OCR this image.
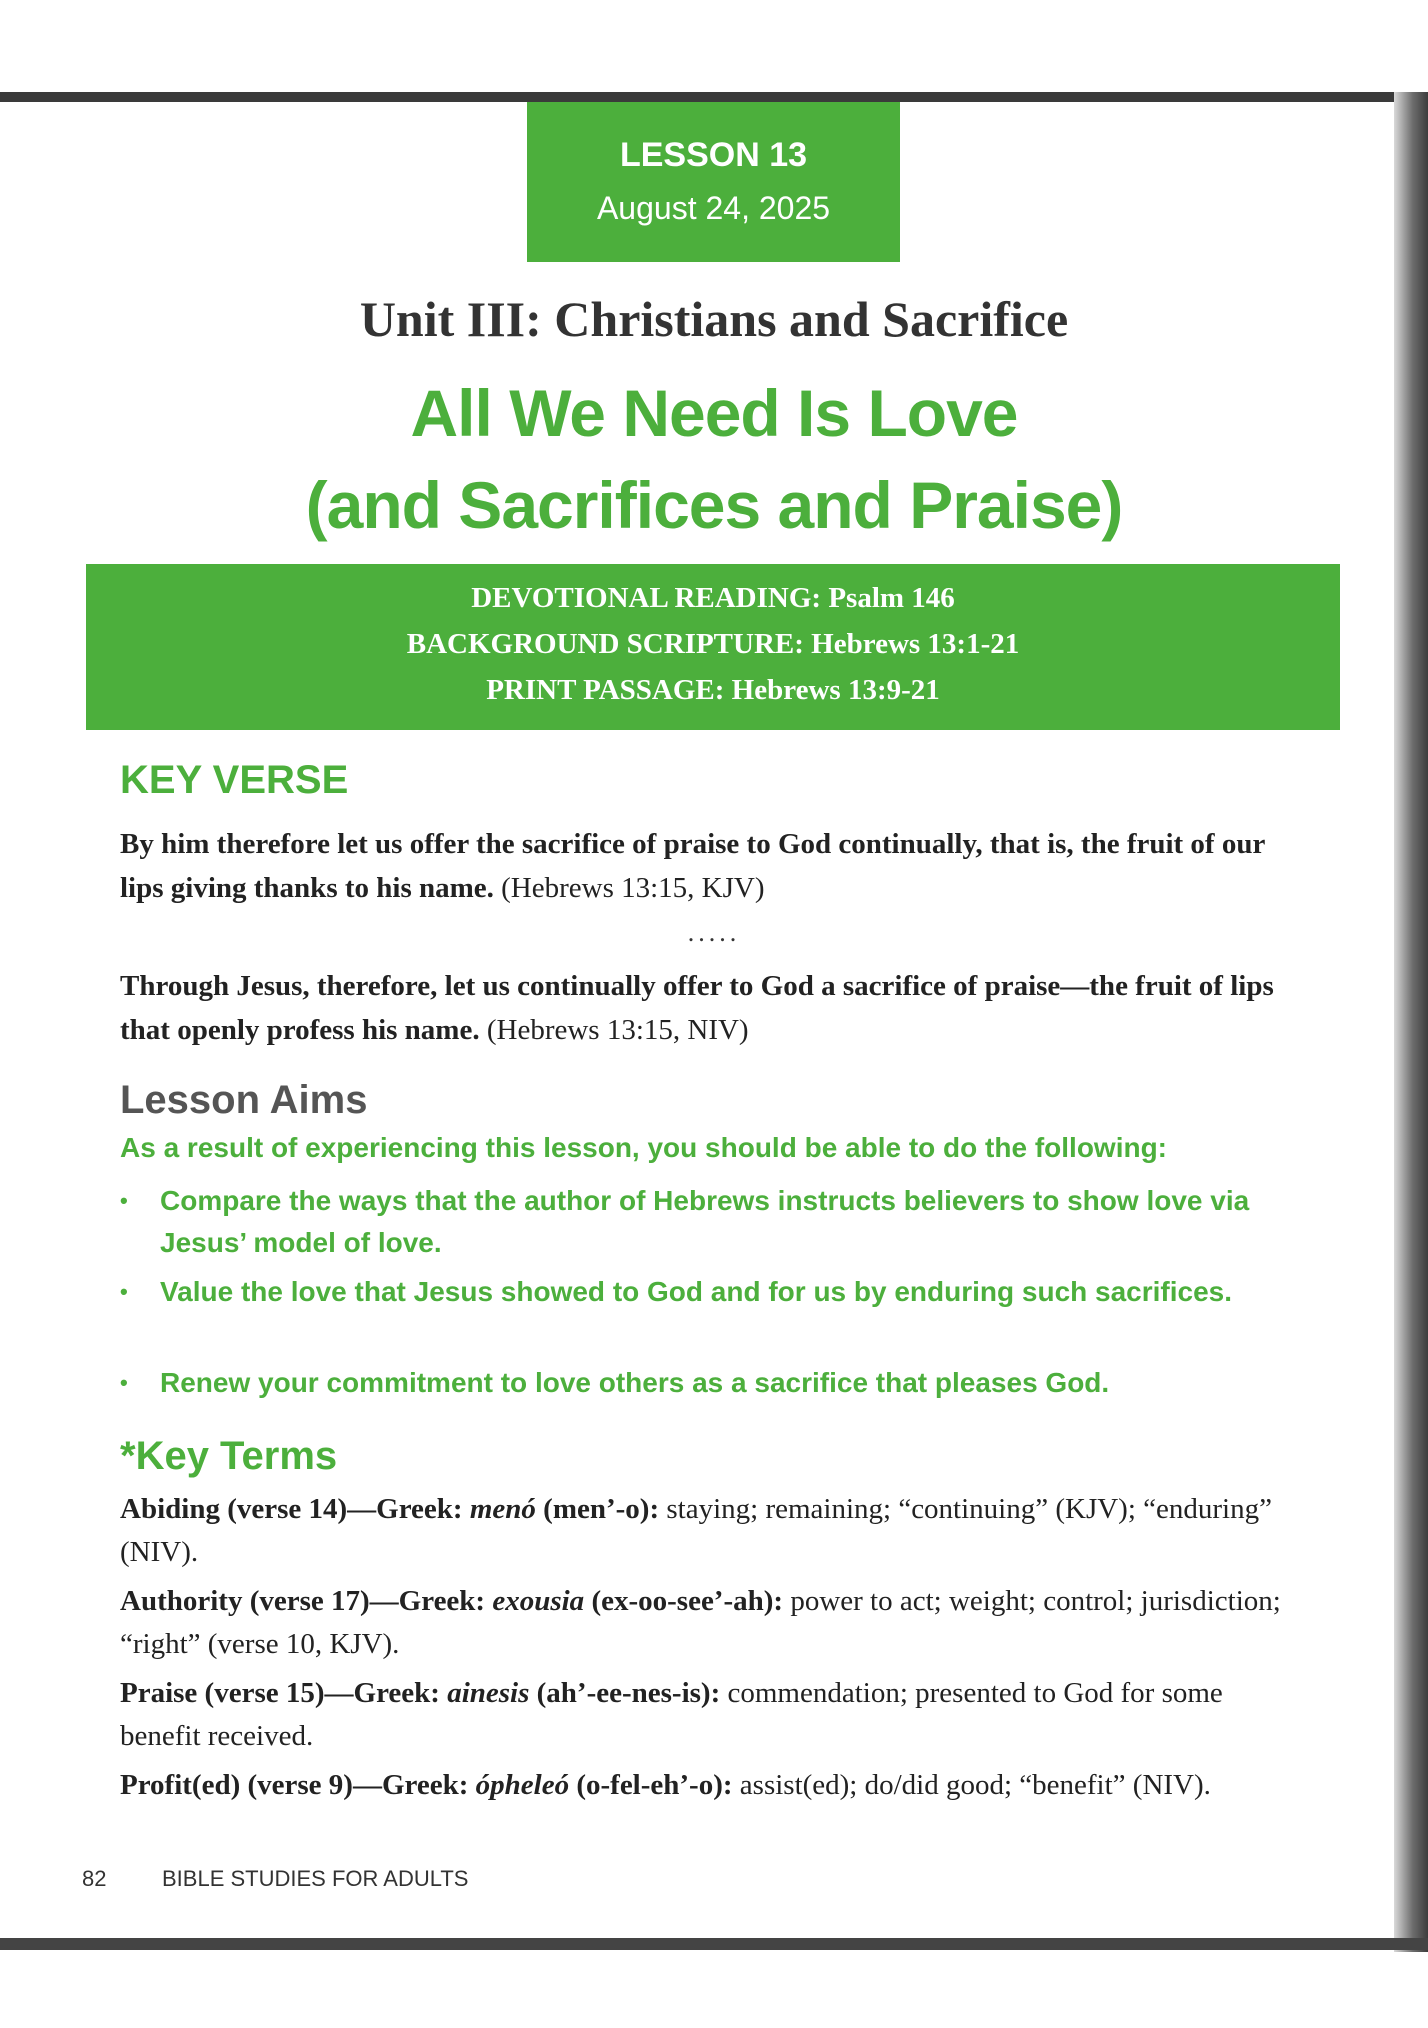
LESSON 13
August 24, 2025
Unit III: Christians and Sacrifice
All We Need Is Love
(and Sacrifices and Praise)
DEVOTIONAL READING: Psalm 146
BACKGROUND SCRIPTURE: Hebrews 13:1-21
PRINT PASSAGE: Hebrews 13:9-21
KEY VERSE
By him therefore let us offer the sacrifice of praise to God continually, that is, the fruit of our lips giving thanks to his name. (Hebrews 13:15, KJV)
.....
Through Jesus, therefore, let us continually offer to God a sacrifice of praise—the fruit of lips that openly profess his name. (Hebrews 13:15, NIV)
Lesson Aims
As a result of experiencing this lesson, you should be able to do the following:
• Compare the ways that the author of Hebrews instructs believers to show love via Jesus’ model of love.
• Value the love that Jesus showed to God and for us by enduring such sacrifices.
• Renew your commitment to love others as a sacrifice that pleases God.
*Key Terms
Abiding (verse 14)—Greek: menó (men’-o): staying; remaining; “continuing” (KJV); “enduring” (NIV).
Authority (verse 17)—Greek: exousia (ex-oo-see’-ah): power to act; weight; control; jurisdiction; “right” (verse 10, KJV).
Praise (verse 15)—Greek: ainesis (ah’-ee-nes-is): commendation; presented to God for some benefit received.
Profit(ed) (verse 9)—Greek: ópheleó (o-fel-eh’-o): assist(ed); do/did good; “benefit” (NIV).
82	BIBLE STUDIES FOR ADULTS
